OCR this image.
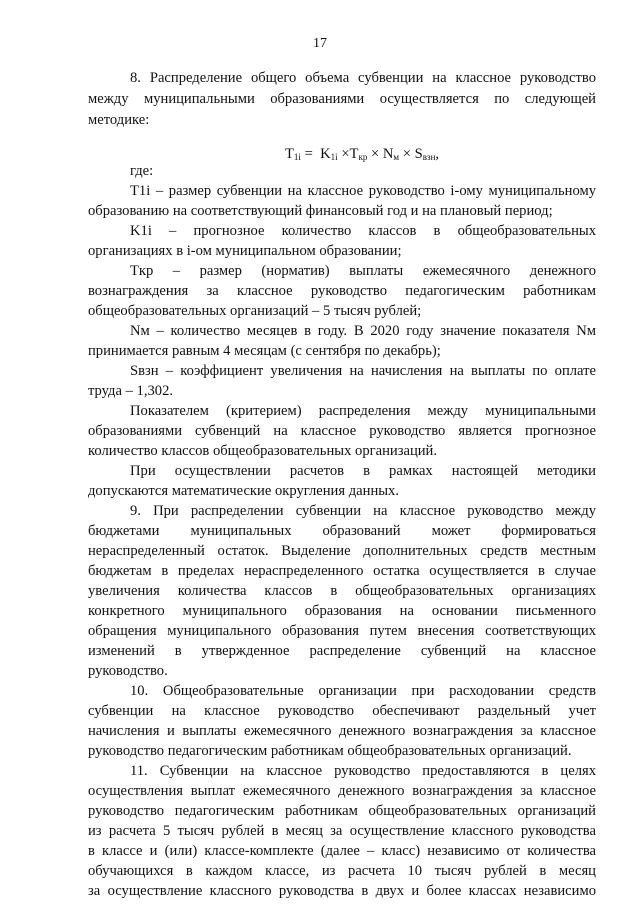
17
8. Распределение общего объема субвенции на классное руководство
между муниципальными образованиями осуществляется по следующей
методике:
$T_{1i} = K_{1i} \times T_{кр} \times N_м \times S_{взн}$,
где:
T1i – размер субвенции на классное руководство i-ому муниципальному
образованию на соответствующий финансовый год и на плановый период;
K1i – прогнозное количество классов в общеобразовательных
организациях в i-ом муниципальном образовании;
Tкр – размер (норматив) выплаты ежемесячного денежного
вознаграждения за классное руководство педагогическим работникам
общеобразовательных организаций – 5 тысяч рублей;
Nм – количество месяцев в году. В 2020 году значение показателя Nм
принимается равным 4 месяцам (с сентября по декабрь);
Sвзн – коэффициент увеличения на начисления на выплаты по оплате
труда – 1,302.
Показателем (критерием) распределения между муниципальными
образованиями субвенций на классное руководство является прогнозное
количество классов общеобразовательных организаций.
При осуществлении расчетов в рамках настоящей методики
допускаются математические округления данных.
9. При распределении субвенции на классное руководство между
бюджетами муниципальных образований может формироваться
нераспределенный остаток. Выделение дополнительных средств местным
бюджетам в пределах нераспределенного остатка осуществляется в случае
увеличения количества классов в общеобразовательных организациях
конкретного муниципального образования на основании письменного
обращения муниципального образования путем внесения соответствующих
изменений в утвержденное распределение субвенций на классное
руководство.
10. Общеобразовательные организации при расходовании средств
субвенции на классное руководство обеспечивают раздельный учет
начисления и выплаты ежемесячного денежного вознаграждения за классное
руководство педагогическим работникам общеобразовательных организаций.
11. Субвенции на классное руководство предоставляются в целях
осуществления выплат ежемесячного денежного вознаграждения за классное
руководство педагогическим работникам общеобразовательных организаций
из расчета 5 тысяч рублей в месяц за осуществление классного руководства
в классе и (или) классе-комплекте (далее – класс) независимо от количества
обучающихся в каждом классе, из расчета 10 тысяч рублей в месяц
за осуществление классного руководства в двух и более классах независимо
